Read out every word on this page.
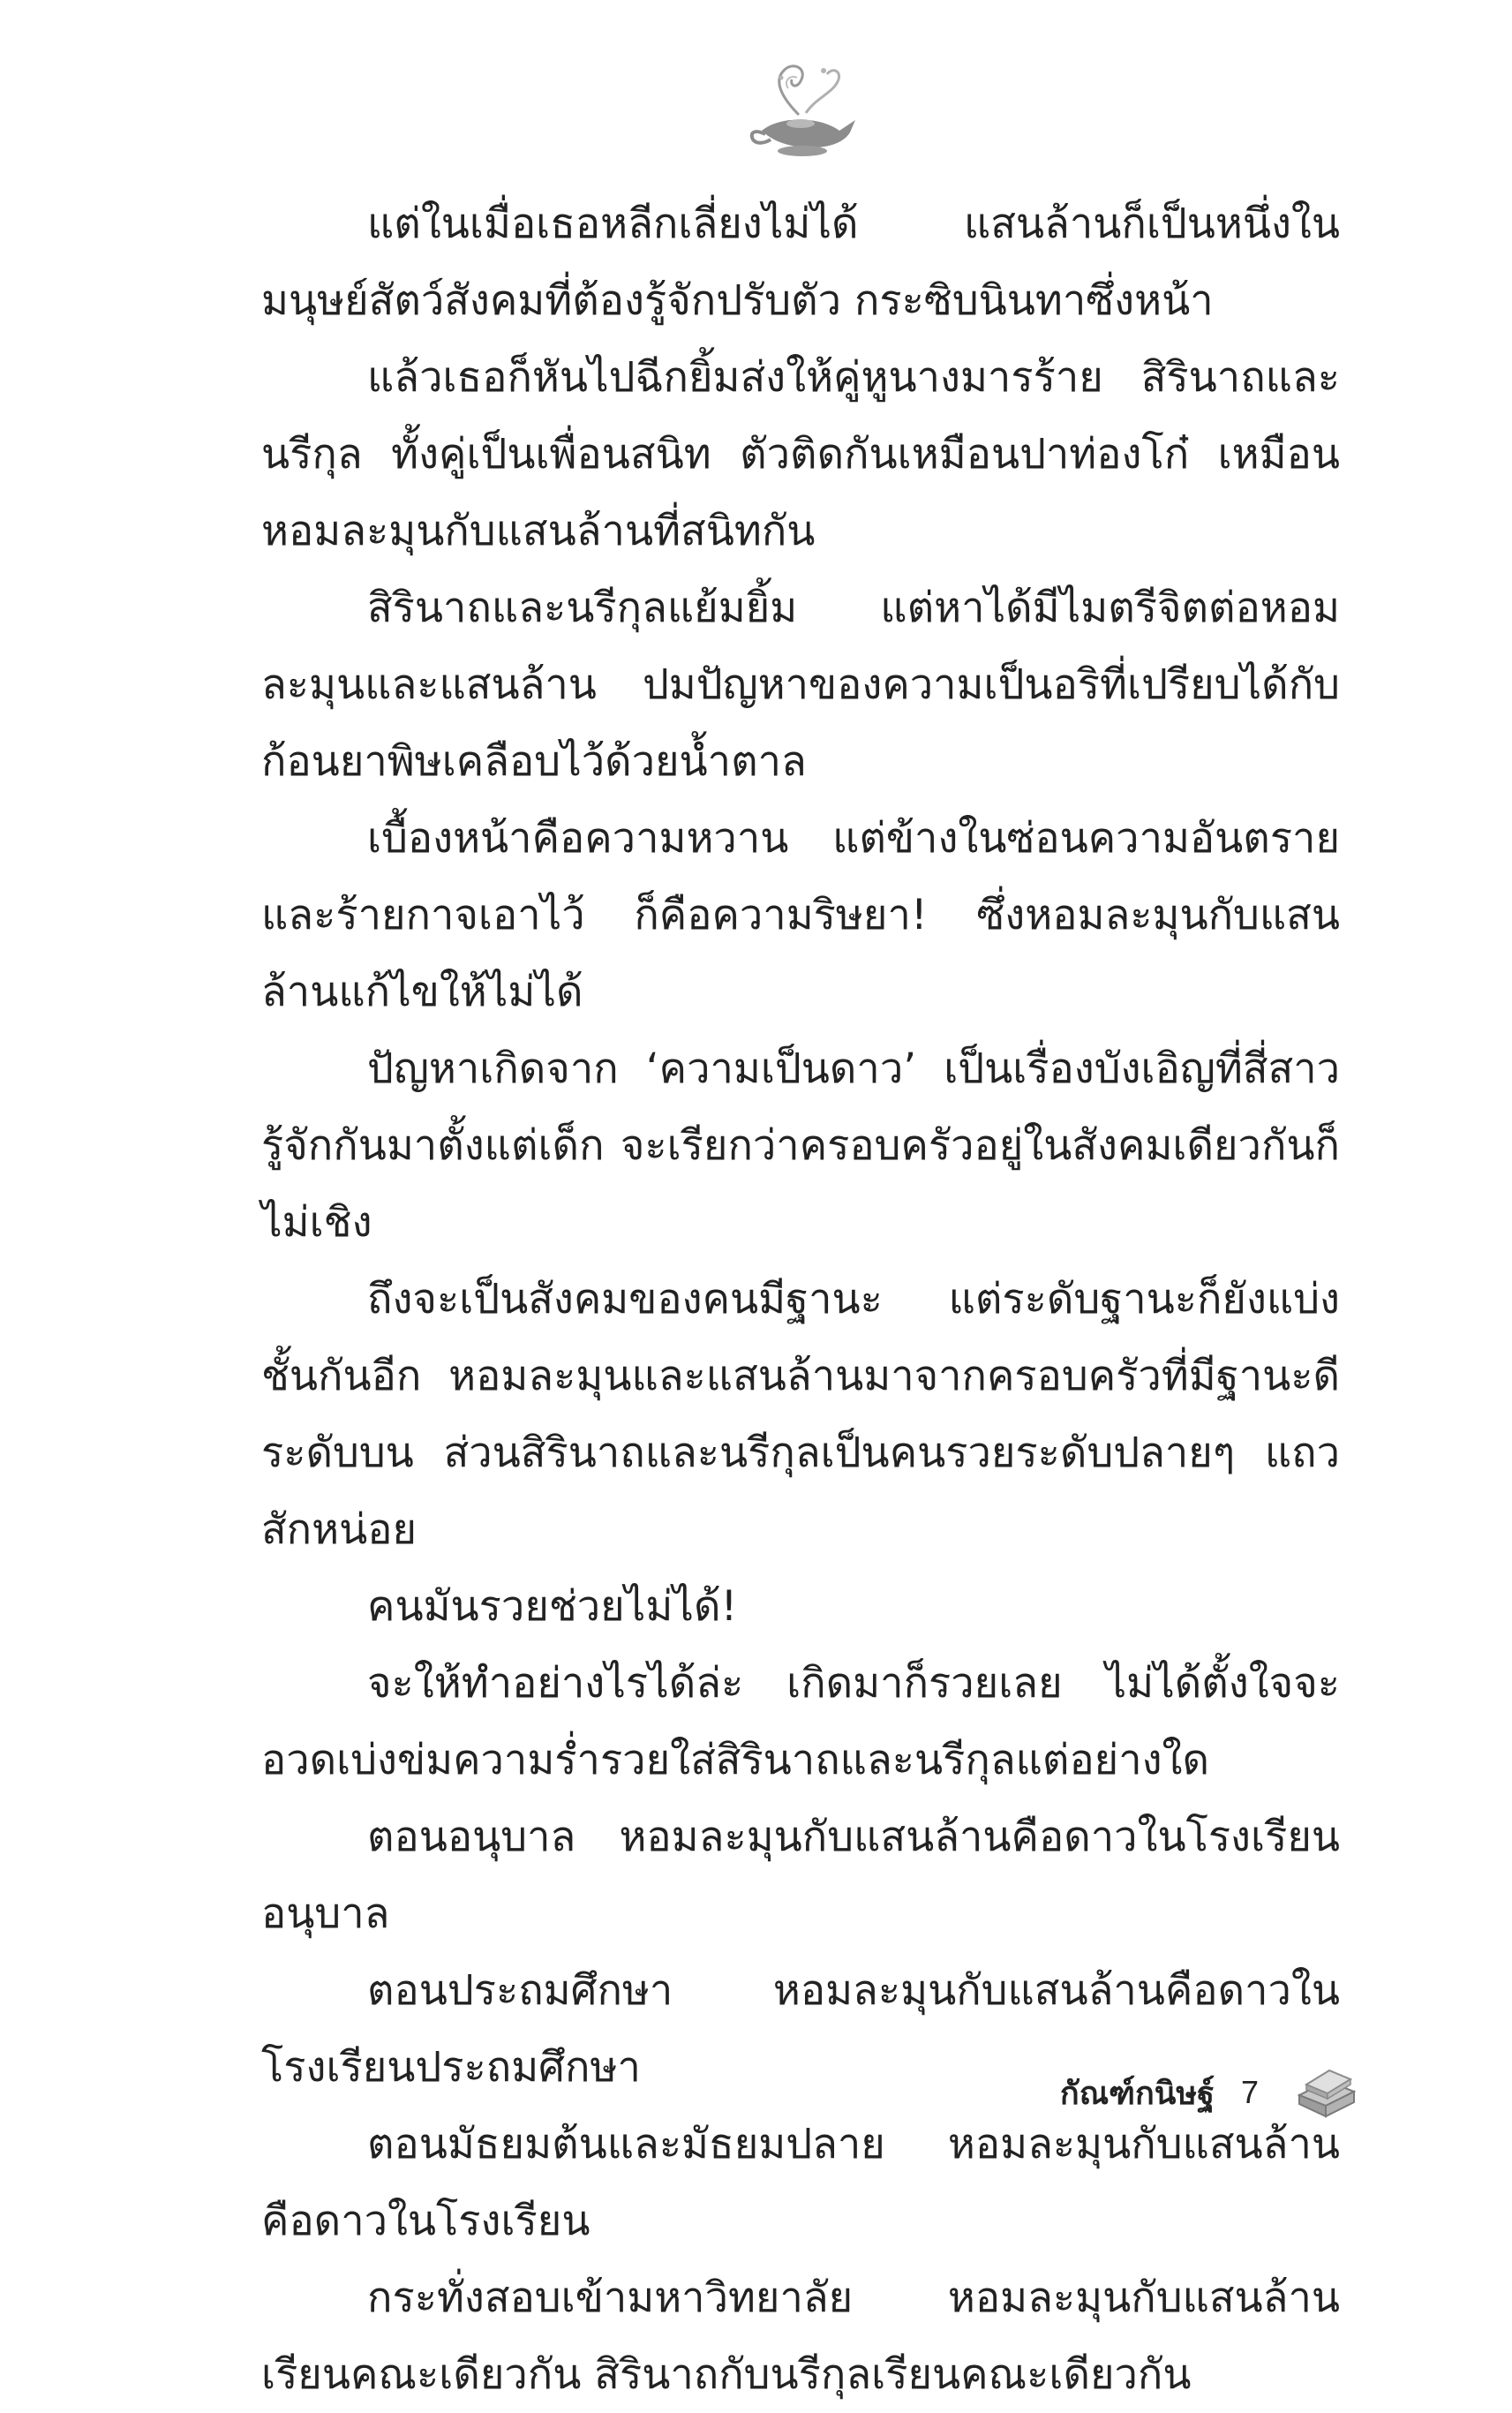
แต่ในเมื่อเธอหลีกเลี่ยงไม่ได้ แสนล้านก็เป็นหนึ่งในมนุษย์สัตว์สังคมที่ต้องรู้จักปรับตัว กระซิบนินทาซึ่งหน้า

แล้วเธอก็หันไปฉีกยิ้มส่งให้คู่หูนางมารร้าย สิรินาถและนรีกุล ทั้งคู่เป็นเพื่อนสนิท ตัวติดกันเหมือนปาท่องโก๋ เหมือนหอมละมุนกับแสนล้านที่สนิทกัน

สิรินาถและนรีกุลแย้มยิ้ม แต่หาได้มีไมตรีจิตต่อหอมละมุนและแสนล้าน ปมปัญหาของความเป็นอริที่เปรียบได้กับก้อนยาพิษเคลือบไว้ด้วยน้ำตาล

เบื้องหน้าคือความหวาน แต่ข้างในซ่อนความอันตรายและร้ายกาจเอาไว้ ก็คือความริษยา! ซึ่งหอมละมุนกับแสนล้านแก้ไขให้ไม่ได้

ปัญหาเกิดจาก ‘ความเป็นดาว’ เป็นเรื่องบังเอิญที่สี่สาวรู้จักกันมาตั้งแต่เด็ก จะเรียกว่าครอบครัวอยู่ในสังคมเดียวกันก็ไม่เชิง

ถึงจะเป็นสังคมของคนมีฐานะ แต่ระดับฐานะก็ยังแบ่งชั้นกันอีก หอมละมุนและแสนล้านมาจากครอบครัวที่มีฐานะดีระดับบน ส่วนสิรินาถและนรีกุลเป็นคนรวยระดับปลายๆ แถวสักหน่อย

คนมันรวยช่วยไม่ได้!

จะให้ทำอย่างไรได้ล่ะ เกิดมาก็รวยเลย ไม่ได้ตั้งใจจะอวดเบ่งข่มความร่ำรวยใส่สิรินาถและนรีกุลแต่อย่างใด

ตอนอนุบาล หอมละมุนกับแสนล้านคือดาวในโรงเรียนอนุบาล

ตอนประถมศึกษา หอมละมุนกับแสนล้านคือดาวในโรงเรียนประถมศึกษา

ตอนมัธยมต้นและมัธยมปลาย หอมละมุนกับแสนล้านคือดาวในโรงเรียน

กระทั่งสอบเข้ามหาวิทยาลัย หอมละมุนกับแสนล้านเรียนคณะเดียวกัน สิรินาถกับนรีกุลเรียนคณะเดียวกัน

กัณฑ์กนิษฐ์ 7
